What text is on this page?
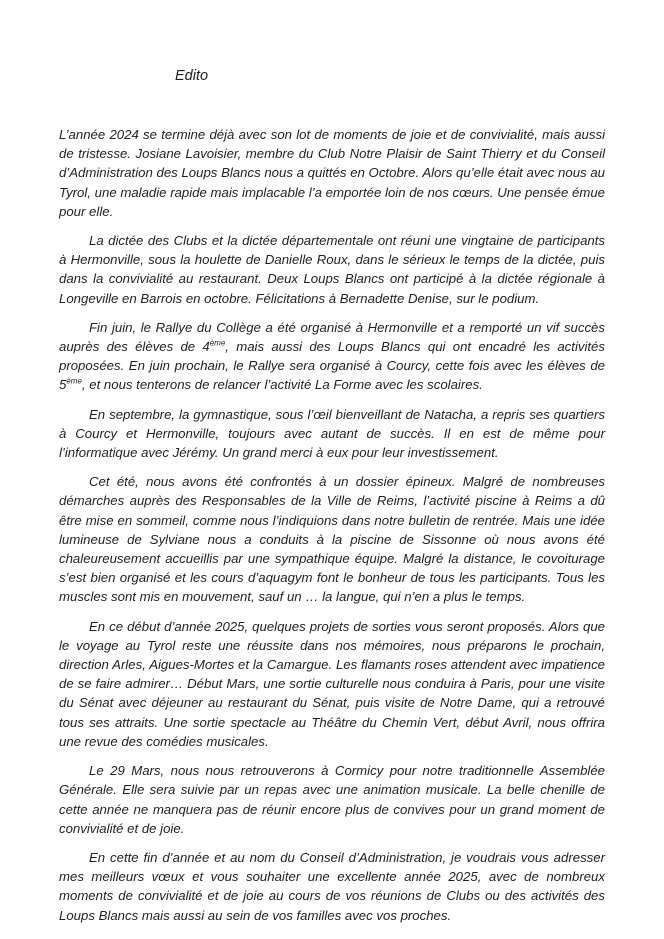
Edito

L’année 2024 se termine déjà avec son lot de moments de joie et de convivialité, mais aussi de tristesse. Josiane Lavoisier, membre du Club Notre Plaisir de Saint Thierry et du Conseil d’Administration des Loups Blancs nous a quittés en Octobre. Alors qu’elle était avec nous au Tyrol, une maladie rapide mais implacable l’a emportée loin de nos cœurs. Une pensée émue pour elle.

La dictée des Clubs et la dictée départementale ont réuni une vingtaine de participants à Hermonville, sous la houlette de Danielle Roux, dans le sérieux le temps de la dictée, puis dans la convivialité au restaurant. Deux Loups Blancs ont participé à la dictée régionale à Longeville en Barrois en octobre. Félicitations à Bernadette Denise, sur le podium.

Fin juin, le Rallye du Collège a été organisé à Hermonville et a remporté un vif succès auprès des élèves de 4ème, mais aussi des Loups Blancs qui ont encadré les activités proposées. En juin prochain, le Rallye sera organisé à Courcy, cette fois avec les élèves de 5ème, et nous tenterons de relancer l’activité La Forme avec les scolaires.

En septembre, la gymnastique, sous l’œil bienveillant de Natacha, a repris ses quartiers à Courcy et Hermonville, toujours avec autant de succès. Il en est de même pour l’informatique avec Jérémy. Un grand merci à eux pour leur investissement.

Cet été, nous avons été confrontés à un dossier épineux. Malgré de nombreuses démarches auprès des Responsables de la Ville de Reims, l’activité piscine à Reims a dû être mise en sommeil, comme nous l’indiquions dans notre bulletin de rentrée. Mais une idée lumineuse de Sylviane nous a conduits à la piscine de Sissonne où nous avons été chaleureusement accueillis par une sympathique équipe. Malgré la distance, le covoiturage s’est bien organisé et les cours d’aquagym font le bonheur de tous les participants. Tous les muscles sont mis en mouvement, sauf un … la langue, qui n’en a plus le temps.

En ce début d’année 2025, quelques projets de sorties vous seront proposés. Alors que le voyage au Tyrol reste une réussite dans nos mémoires, nous préparons le prochain, direction Arles, Aigues-Mortes et la Camargue. Les flamants roses attendent avec impatience de se faire admirer… Début Mars, une sortie culturelle nous conduira à Paris, pour une visite du Sénat avec déjeuner au restaurant du Sénat, puis visite de Notre Dame, qui a retrouvé tous ses attraits. Une sortie spectacle au Théâtre du Chemin Vert, début Avril, nous offrira une revue des comédies musicales.

Le 29 Mars, nous nous retrouverons à Cormicy pour notre traditionnelle Assemblée Générale. Elle sera suivie par un repas avec une animation musicale. La belle chenille de cette année ne manquera pas de réunir encore plus de convives pour un grand moment de convivialité et de joie.

En cette fin d’année et au nom du Conseil d’Administration, je voudrais vous adresser mes meilleurs vœux et vous souhaiter une excellente année 2025, avec de nombreux moments de convivialité et de joie au cours de vos réunions de Clubs ou des activités des Loups Blancs mais aussi au sein de vos familles avec vos proches.
